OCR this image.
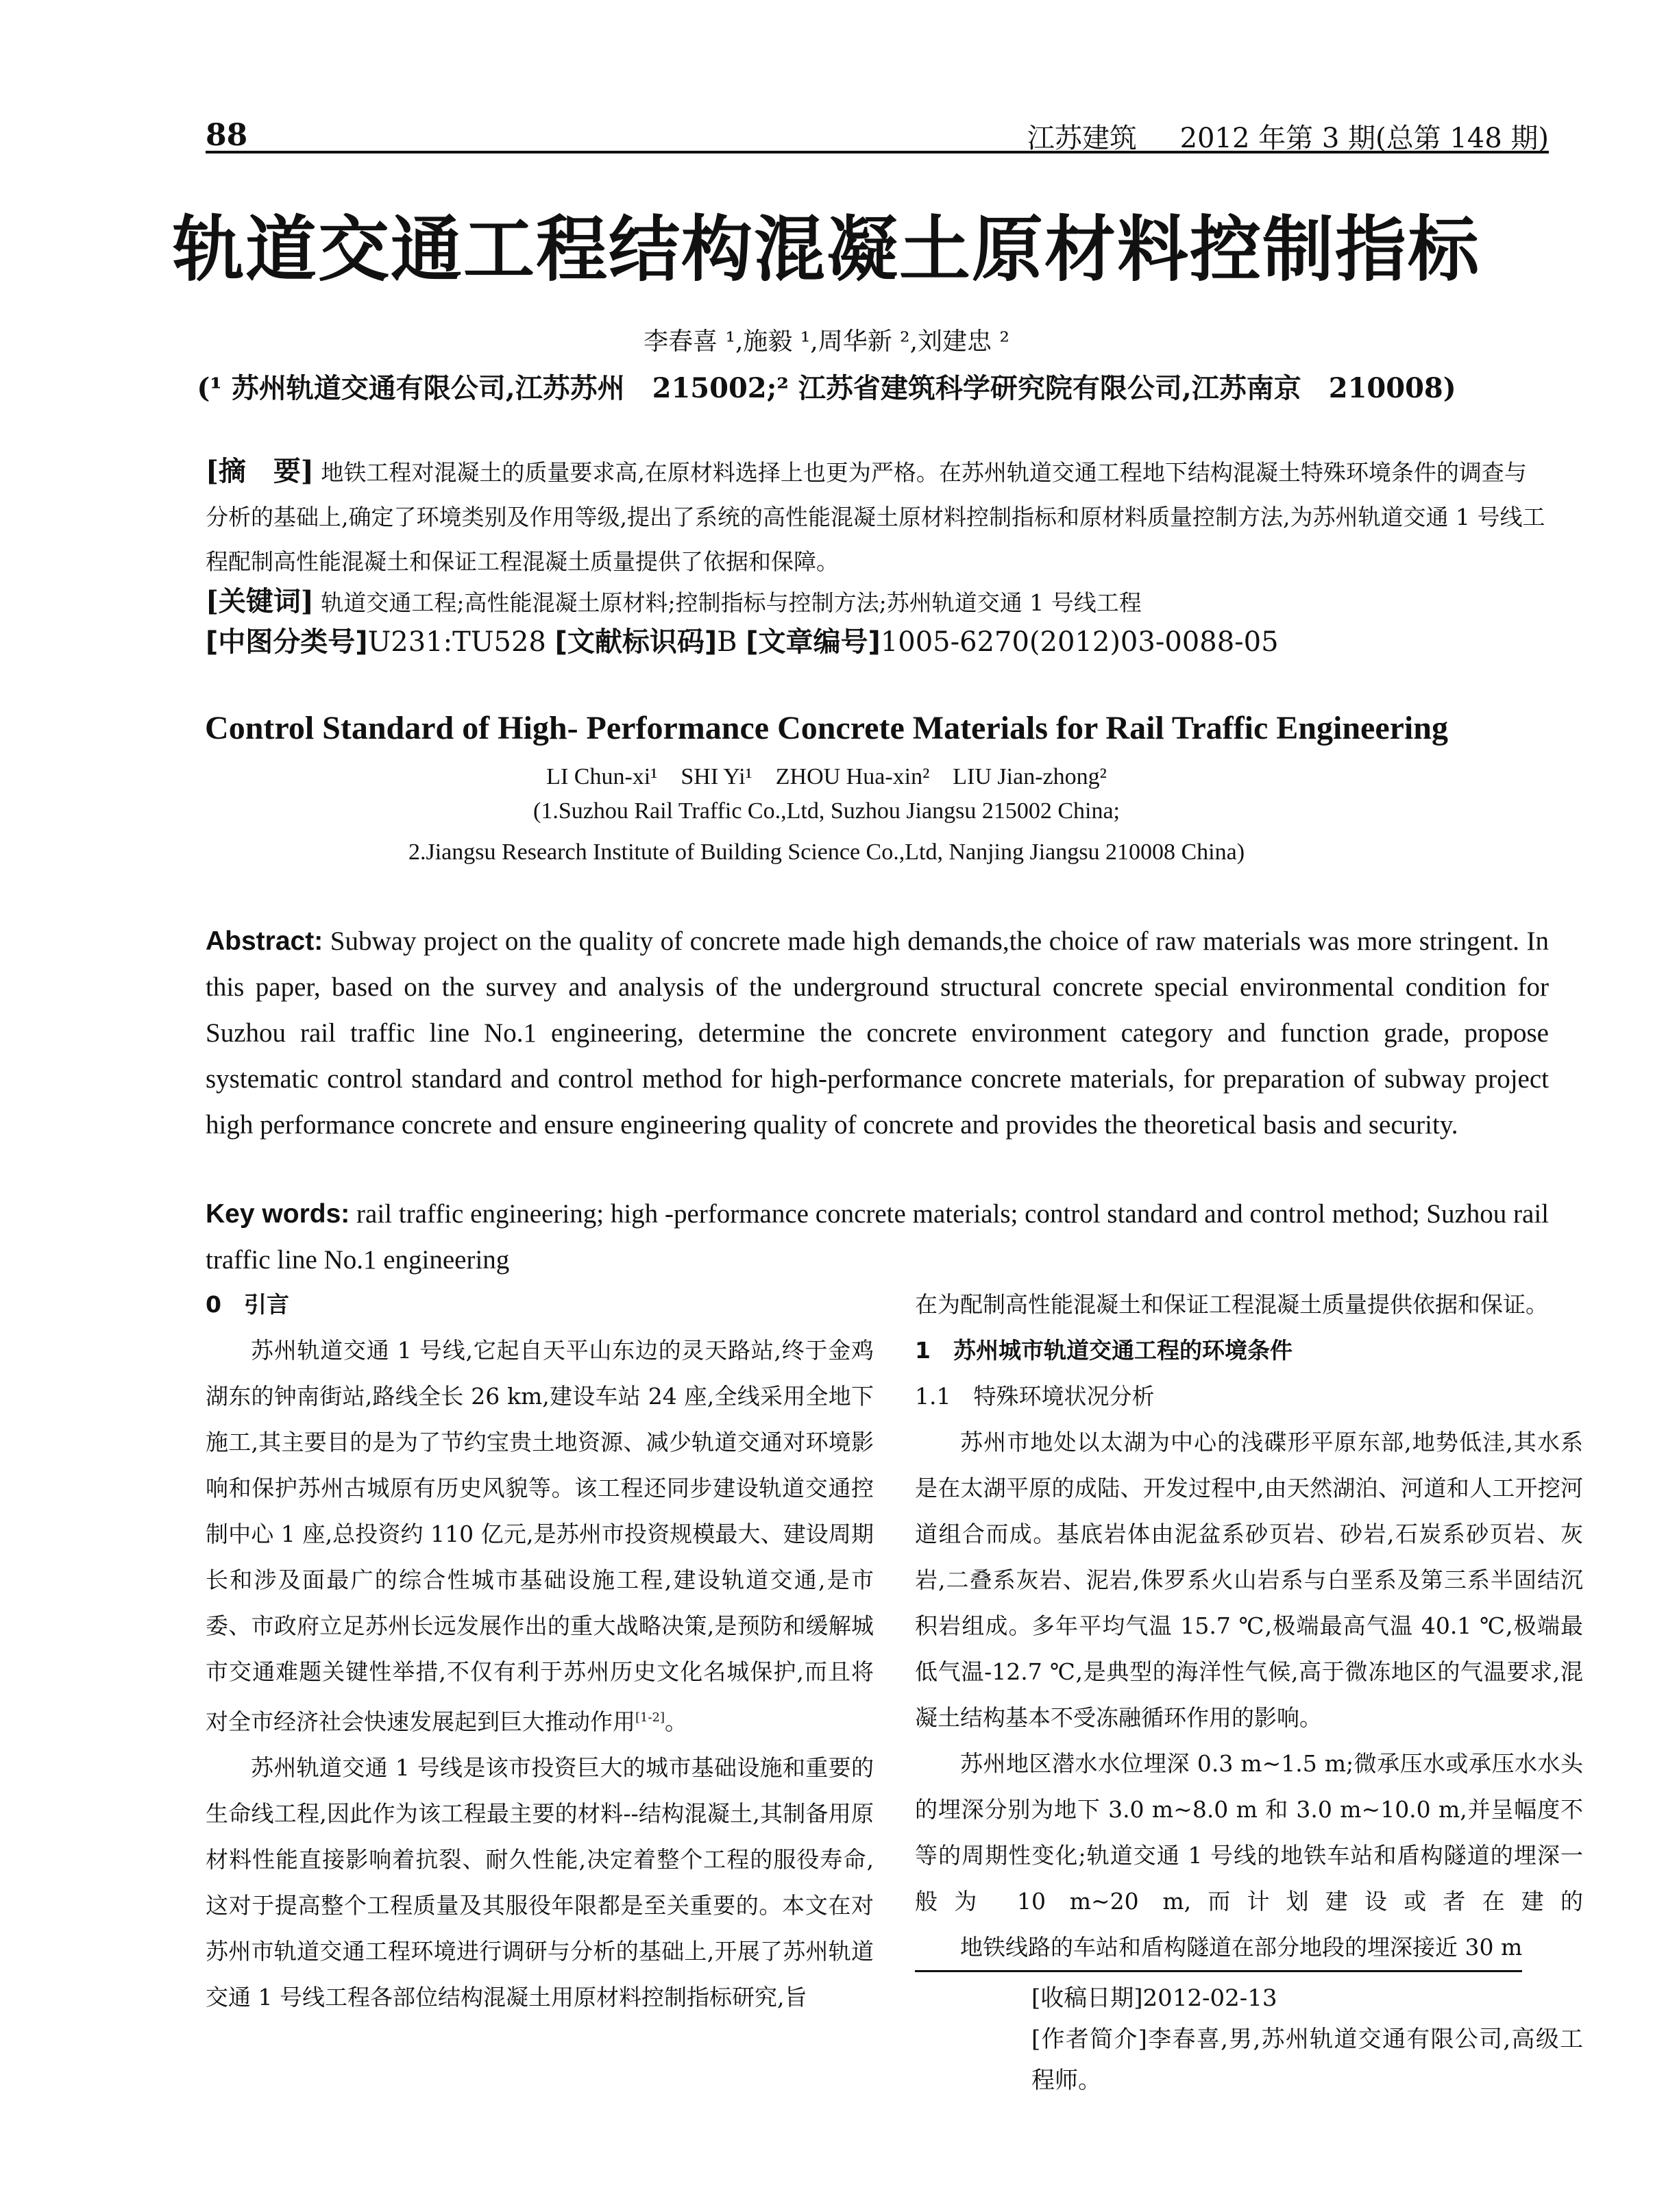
88	江苏建筑 2012 年第 3 期(总第 148 期)
轨道交通工程结构混凝土原材料控制指标
李春喜 ¹,施毅 ¹,周华新 ²,刘建忠 ²
(¹ 苏州轨道交通有限公司,江苏苏州　215002;² 江苏省建筑科学研究院有限公司,江苏南京　210008)
[摘　要] 地铁工程对混凝土的质量要求高,在原材料选择上也更为严格。在苏州轨道交通工程地下结构混凝土特殊环境条件的调查与分析的基础上,确定了环境类别及作用等级,提出了系统的高性能混凝土原材料控制指标和原材料质量控制方法,为苏州轨道交通 1 号线工程配制高性能混凝土和保证工程混凝土质量提供了依据和保障。
[关键词] 轨道交通工程;高性能混凝土原材料;控制指标与控制方法;苏州轨道交通 1 号线工程
[中图分类号]U231:TU528 [文献标识码]B [文章编号]1005-6270(2012)03-0088-05
Control Standard of High- Performance Concrete Materials for Rail Traffic Engineering
LI Chun-xi¹　SHI Yi¹　ZHOU Hua-xin²　LIU Jian-zhong²
(1.Suzhou Rail Traffic Co.,Ltd, Suzhou Jiangsu 215002 China;
2.Jiangsu Research Institute of Building Science Co.,Ltd, Nanjing Jiangsu 210008 China)
Abstract: Subway project on the quality of concrete made high demands,the choice of raw materials was more stringent. In this paper, based on the survey and analysis of the underground structural concrete special environmental condition for Suzhou rail traffic line No.1 engineering, determine the concrete environment category and function grade, propose systematic control standard and control method for high-performance concrete materials, for preparation of subway project high performance concrete and ensure engineering quality of concrete and provides the theoretical basis and security.
Key words: rail traffic engineering; high -performance concrete materials; control standard and control method; Suzhou rail traffic line No.1 engineering
0　引言

苏州轨道交通 1 号线,它起自天平山东边的灵天路站,终于金鸡湖东的钟南街站,路线全长 26 km,建设车站 24 座,全线采用全地下施工,其主要目的是为了节约宝贵土地资源、减少轨道交通对环境影响和保护苏州古城原有历史风貌等。该工程还同步建设轨道交通控制中心 1 座,总投资约 110 亿元,是苏州市投资规模最大、建设周期长和涉及面最广的综合性城市基础设施工程,建设轨道交通,是市委、市政府立足苏州长远发展作出的重大战略决策,是预防和缓解城市交通难题关键性举措,不仅有利于苏州历史文化名城保护,而且将对全市经济社会快速发展起到巨大推动作用[1-2]。

苏州轨道交通 1 号线是该市投资巨大的城市基础设施和重要的生命线工程,因此作为该工程最主要的材料--结构混凝土,其制备用原材料性能直接影响着抗裂、耐久性能,决定着整个工程的服役寿命,这对于提高整个工程质量及其服役年限都是至关重要的。本文在对苏州市轨道交通工程环境进行调研与分析的基础上,开展了苏州轨道交通 1 号线工程各部位结构混凝土用原材料控制指标研究,旨

在为配制高性能混凝土和保证工程混凝土质量提供依据和保证。

1　苏州城市轨道交通工程的环境条件
1.1　特殊环境状况分析

苏州市地处以太湖为中心的浅碟形平原东部,地势低洼,其水系是在太湖平原的成陆、开发过程中,由天然湖泊、河道和人工开挖河道组合而成。基底岩体由泥盆系砂页岩、砂岩,石炭系砂页岩、灰岩,二叠系灰岩、泥岩,侏罗系火山岩系与白垩系及第三系半固结沉积岩组成。多年平均气温 15.7 ℃,极端最高气温 40.1 ℃,极端最低气温-12.7 ℃,是典型的海洋性气候,高于微冻地区的气温要求,混凝土结构基本不受冻融循环作用的影响。

苏州地区潜水水位埋深 0.3 m~1.5 m;微承压水或承压水水头的埋深分别为地下 3.0 m~8.0 m 和 3.0 m~10.0 m,并呈幅度不等的周期性变化;轨道交通 1 号线的地铁车站和盾构隧道的埋深一般为 10 m~20 m,而计划建设或者在建的地铁线路的车站和盾构隧道在部分地段的埋深接近 30 m

[收稿日期]2012-02-13
[作者简介]李春喜,男,苏州轨道交通有限公司,高级工程师。
